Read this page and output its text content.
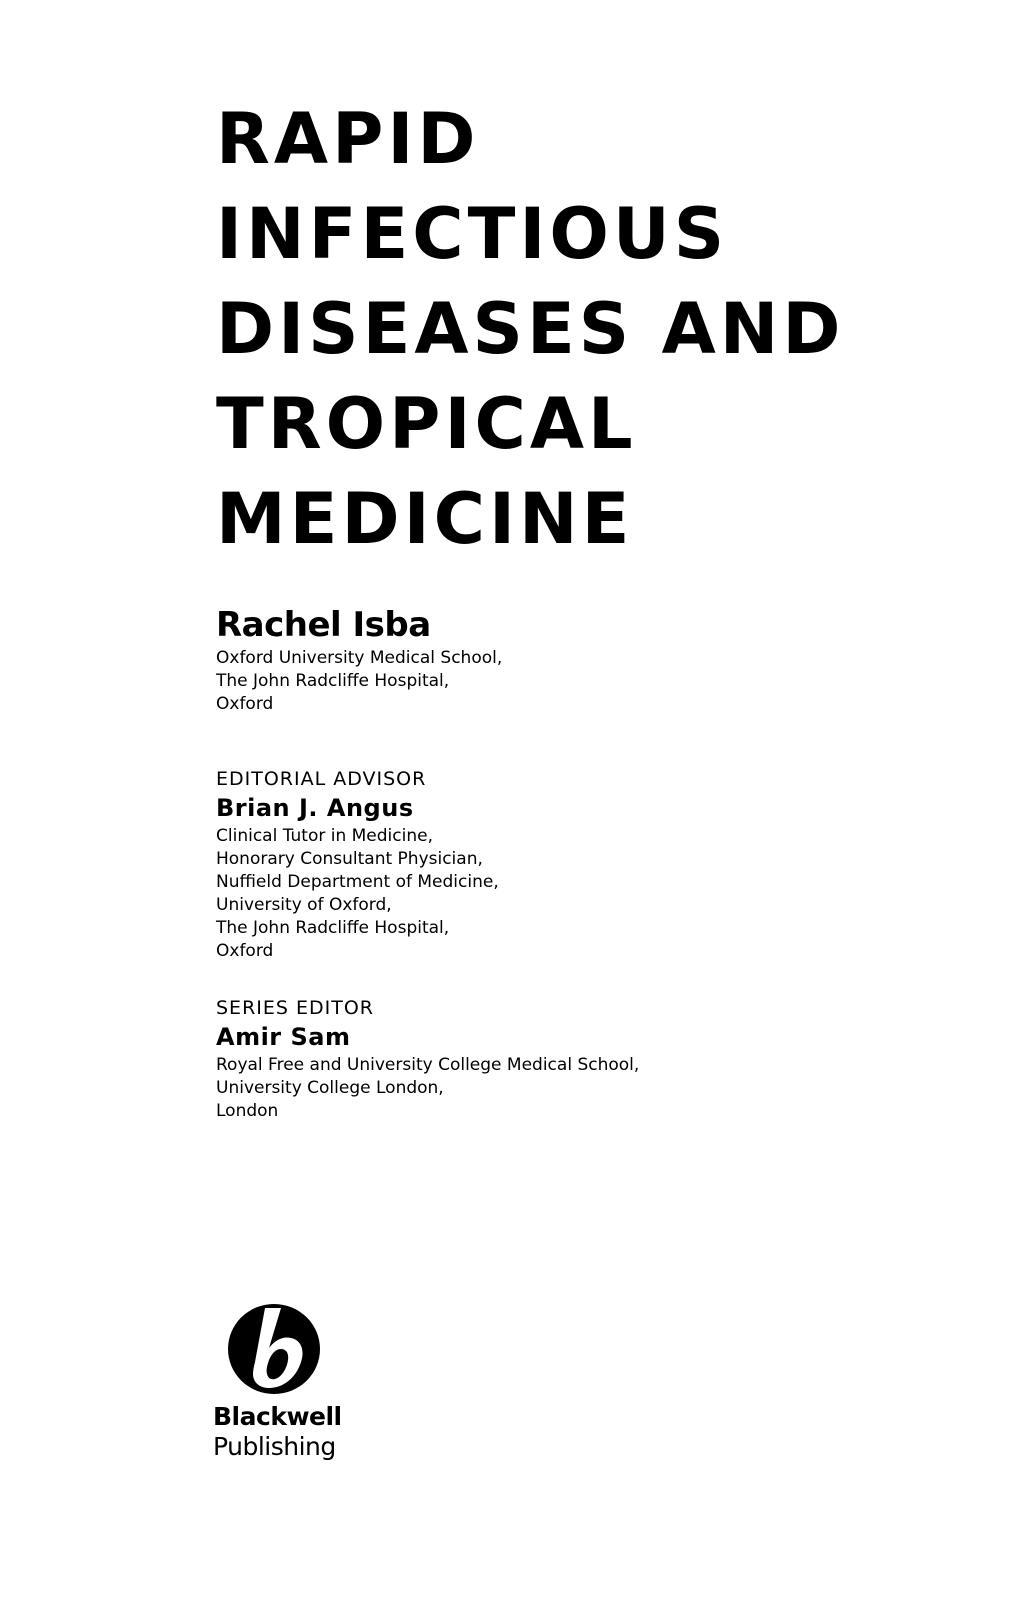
RAPID
INFECTIOUS
DISEASES AND
TROPICAL
MEDICINE
Rachel Isba
Oxford University Medical School,
The John Radcliffe Hospital,
Oxford
EDITORIAL ADVISOR
Brian J. Angus
Clinical Tutor in Medicine,
Honorary Consultant Physician,
Nuffield Department of Medicine,
University of Oxford,
The John Radcliffe Hospital,
Oxford
SERIES EDITOR
Amir Sam
Royal Free and University College Medical School,
University College London,
London
Blackwell
Publishing
